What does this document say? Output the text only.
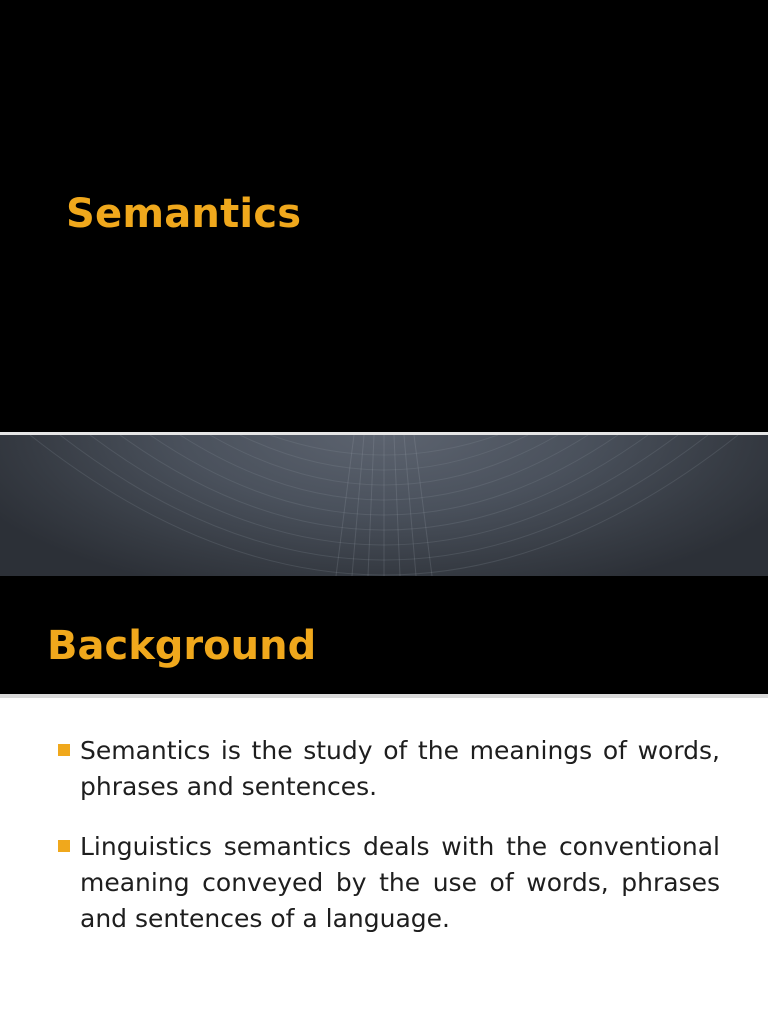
Semantics
Background
Semantics is the study of the meanings of words, phrases and sentences.
Linguistics semantics deals with the conventional meaning conveyed by the use of words, phrases and sentences of a language.
